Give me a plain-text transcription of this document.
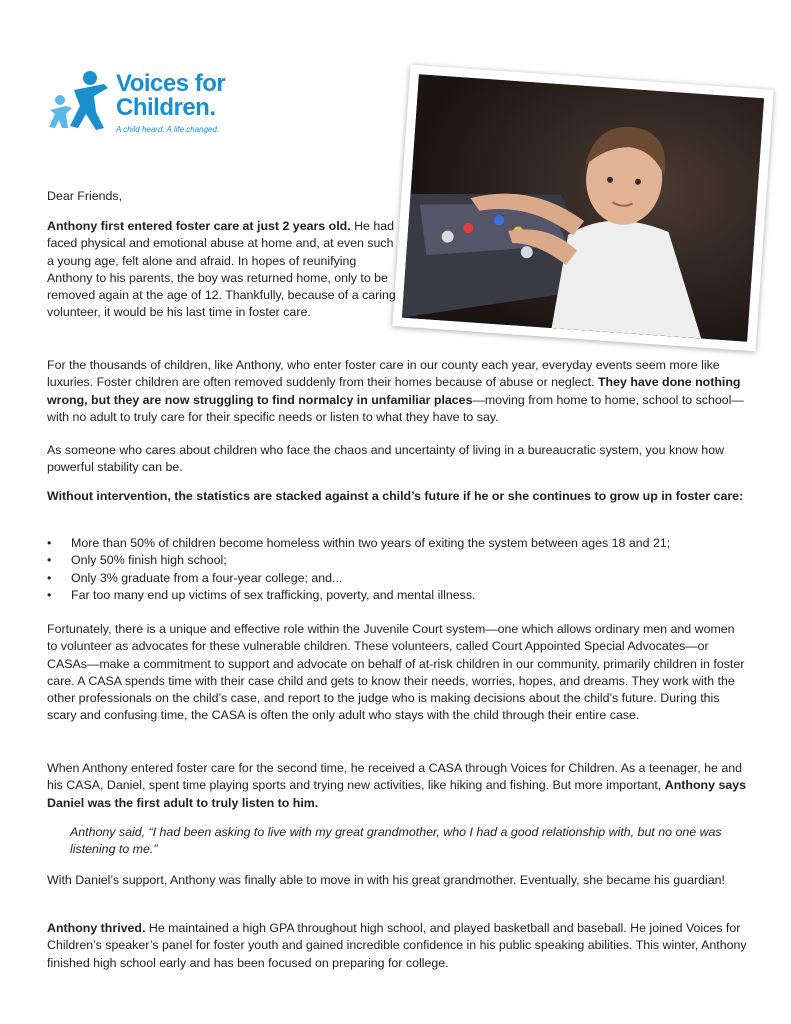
Voices for
Children.
A child heard. A life changed.

Dear Friends,

Anthony first entered foster care at just 2 years old. He had faced physical and emotional abuse at home and, at even such a young age, felt alone and afraid. In hopes of reunifying Anthony to his parents, the boy was returned home, only to be removed again at the age of 12. Thankfully, because of a caring volunteer, it would be his last time in foster care.

For the thousands of children, like Anthony, who enter foster care in our county each year, everyday events seem more like luxuries. Foster children are often removed suddenly from their homes because of abuse or neglect. They have done nothing wrong, but they are now struggling to find normalcy in unfamiliar places—moving from home to home, school to school—with no adult to truly care for their specific needs or listen to what they have to say.

As someone who cares about children who face the chaos and uncertainty of living in a bureaucratic system, you know how powerful stability can be.

Without intervention, the statistics are stacked against a child’s future if he or she continues to grow up in foster care:

• More than 50% of children become homeless within two years of exiting the system between ages 18 and 21;
• Only 50% finish high school;
• Only 3% graduate from a four-year college; and...
• Far too many end up victims of sex trafficking, poverty, and mental illness.

Fortunately, there is a unique and effective role within the Juvenile Court system—one which allows ordinary men and women to volunteer as advocates for these vulnerable children. These volunteers, called Court Appointed Special Advocates—or CASAs—make a commitment to support and advocate on behalf of at-risk children in our community, primarily children in foster care. A CASA spends time with their case child and gets to know their needs, worries, hopes, and dreams. They work with the other professionals on the child’s case, and report to the judge who is making decisions about the child’s future. During this scary and confusing time, the CASA is often the only adult who stays with the child through their entire case.

When Anthony entered foster care for the second time, he received a CASA through Voices for Children. As a teenager, he and his CASA, Daniel, spent time playing sports and trying new activities, like hiking and fishing. But more important, Anthony says Daniel was the first adult to truly listen to him.

Anthony said, “I had been asking to live with my great grandmother, who I had a good relationship with, but no one was listening to me.”

With Daniel’s support, Anthony was finally able to move in with his great grandmother. Eventually, she became his guardian!

Anthony thrived. He maintained a high GPA throughout high school, and played basketball and baseball. He joined Voices for Children’s speaker’s panel for foster youth and gained incredible confidence in his public speaking abilities. This winter, Anthony finished high school early and has been focused on preparing for college.
